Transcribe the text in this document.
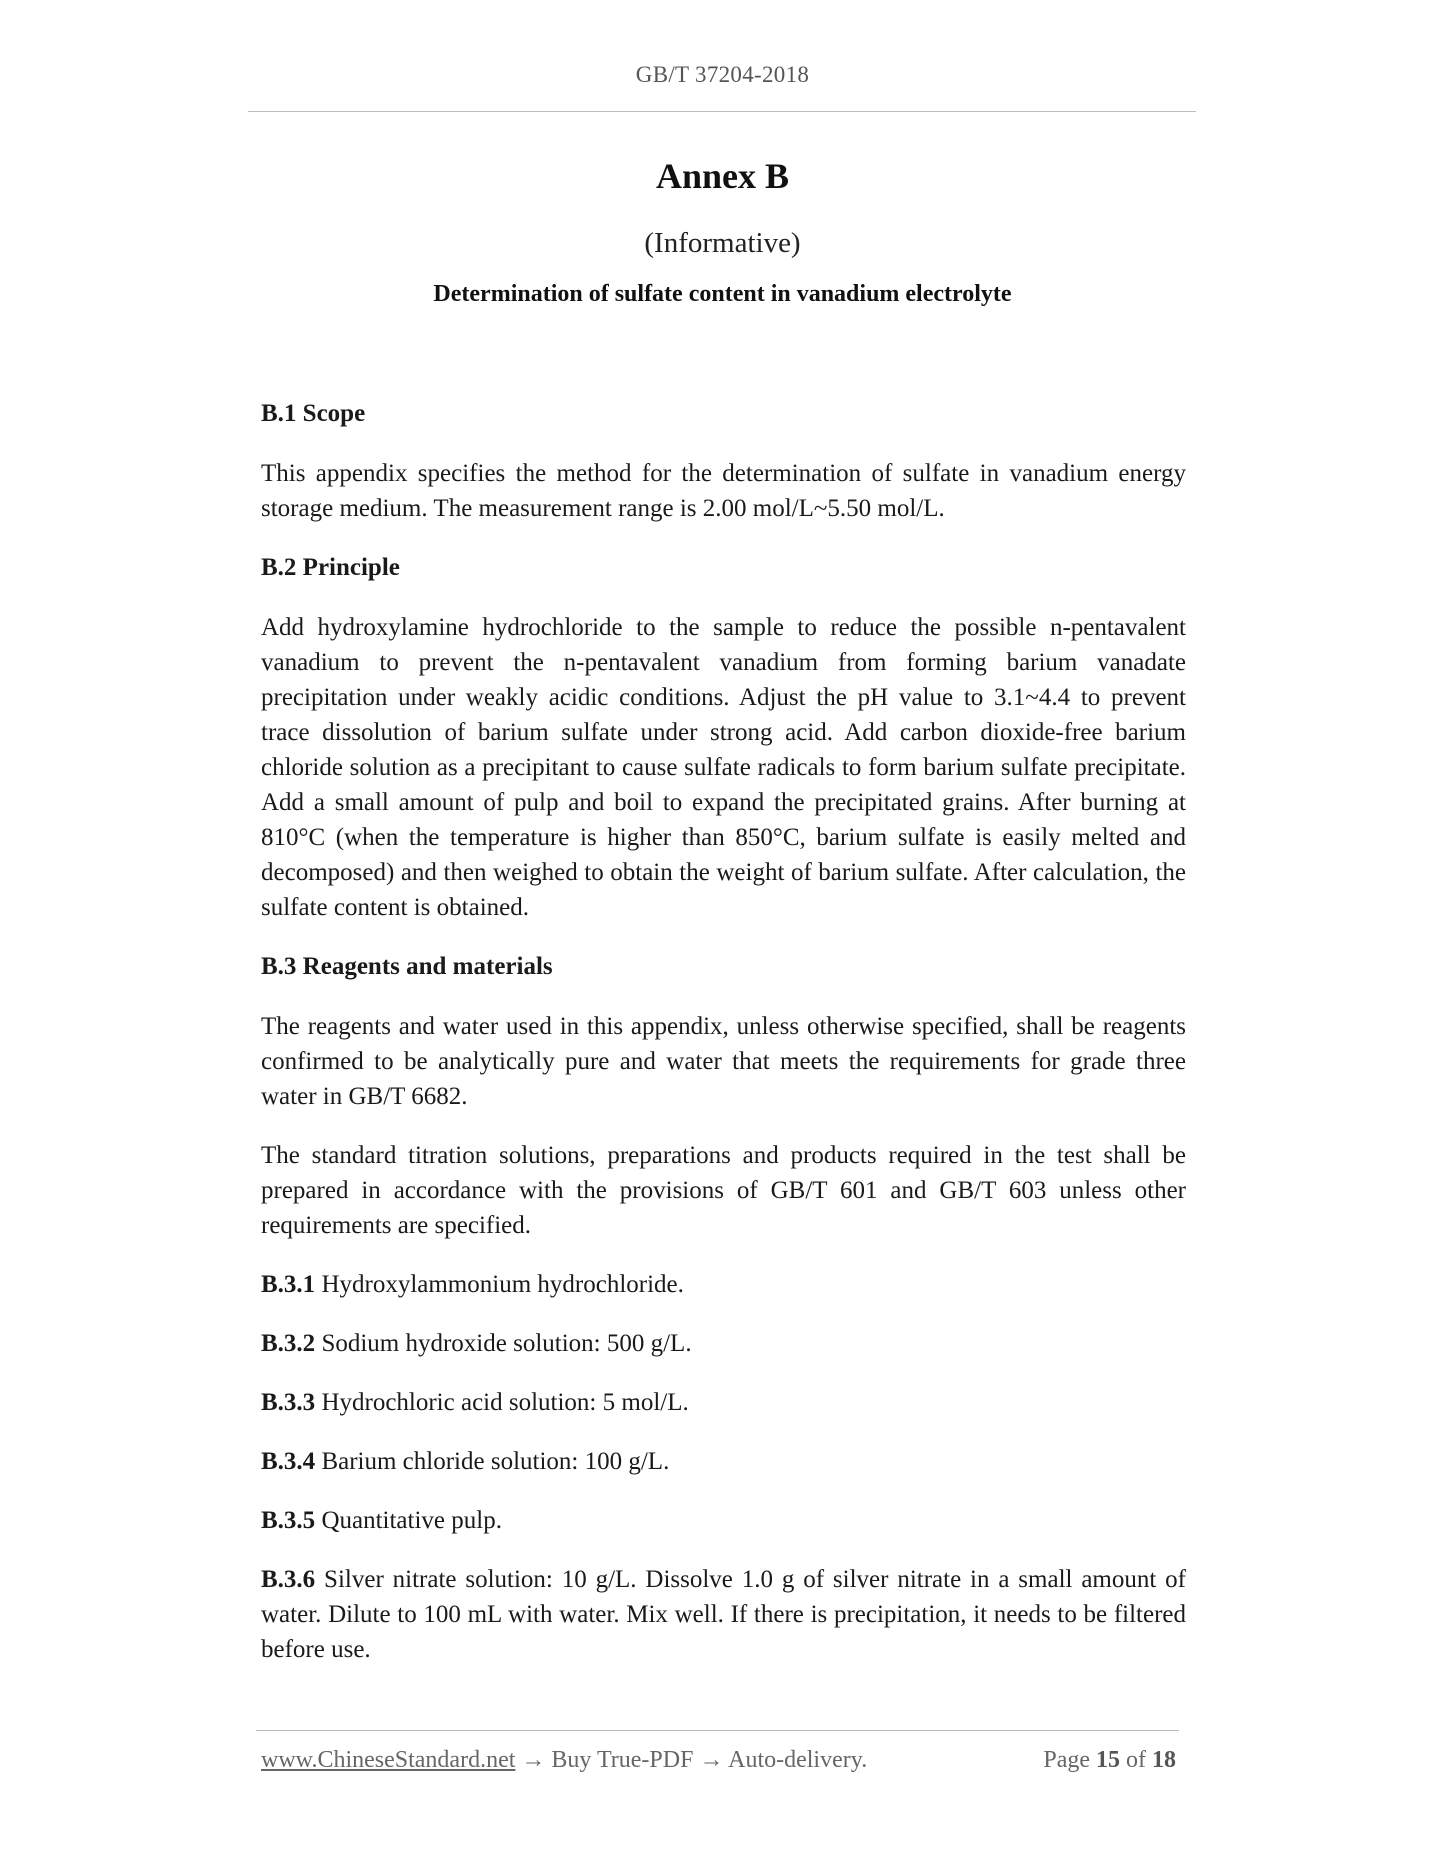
GB/T 37204-2018
Annex B
(Informative)
Determination of sulfate content in vanadium electrolyte
B.1 Scope

This appendix specifies the method for the determination of sulfate in vanadium energy storage medium. The measurement range is 2.00 mol/L~5.50 mol/L.

B.2 Principle

Add hydroxylamine hydrochloride to the sample to reduce the possible n-pentavalent vanadium to prevent the n-pentavalent vanadium from forming barium vanadate precipitation under weakly acidic conditions. Adjust the pH value to 3.1~4.4 to prevent trace dissolution of barium sulfate under strong acid. Add carbon dioxide-free barium chloride solution as a precipitant to cause sulfate radicals to form barium sulfate precipitate. Add a small amount of pulp and boil to expand the precipitated grains. After burning at 810°C (when the temperature is higher than 850°C, barium sulfate is easily melted and decomposed) and then weighed to obtain the weight of barium sulfate. After calculation, the sulfate content is obtained.

B.3 Reagents and materials

The reagents and water used in this appendix, unless otherwise specified, shall be reagents confirmed to be analytically pure and water that meets the requirements for grade three water in GB/T 6682.

The standard titration solutions, preparations and products required in the test shall be prepared in accordance with the provisions of GB/T 601 and GB/T 603 unless other requirements are specified.

B.3.1 Hydroxylammonium hydrochloride.

B.3.2 Sodium hydroxide solution: 500 g/L.

B.3.3 Hydrochloric acid solution: 5 mol/L.

B.3.4 Barium chloride solution: 100 g/L.

B.3.5 Quantitative pulp.

B.3.6 Silver nitrate solution: 10 g/L. Dissolve 1.0 g of silver nitrate in a small amount of water. Dilute to 100 mL with water. Mix well. If there is precipitation, it needs to be filtered before use.

www.ChineseStandard.net → Buy True-PDF → Auto-delivery.	Page 15 of 18
